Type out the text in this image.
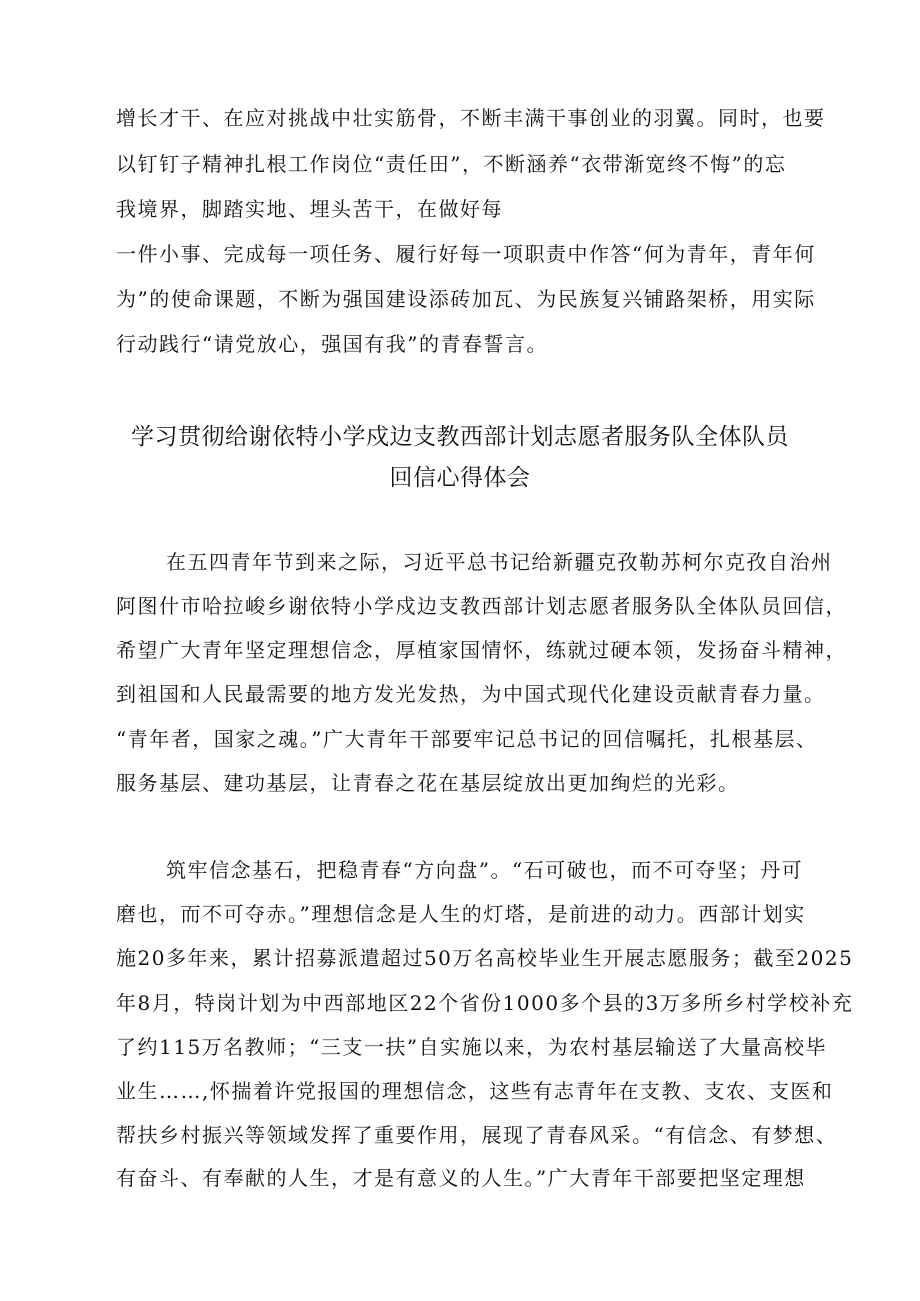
增长才干、在应对挑战中壮实筋骨，不断丰满干事创业的羽翼。同时，也要
以钉钉子精神扎根工作岗位“责任田”，不断涵养“衣带渐宽终不悔”的忘
我境界，脚踏实地、埋头苦干，在做好每
一件小事、完成每一项任务、履行好每一项职责中作答“何为青年，青年何
为”的使命课题，不断为强国建设添砖加瓦、为民族复兴铺路架桥，用实际
行动践行“请党放心，强国有我”的青春誓言。
学习贯彻给谢依特小学戍边支教西部计划志愿者服务队全体队员
回信心得体会
在五四青年节到来之际，习近平总书记给新疆克孜勒苏柯尔克孜自治州
阿图什市哈拉峻乡谢依特小学戍边支教西部计划志愿者服务队全体队员回信，
希望广大青年坚定理想信念，厚植家国情怀，练就过硬本领，发扬奋斗精神，
到祖国和人民最需要的地方发光发热，为中国式现代化建设贡献青春力量。
“青年者，国家之魂。”广大青年干部要牢记总书记的回信嘱托，扎根基层、
服务基层、建功基层，让青春之花在基层绽放出更加绚烂的光彩。
筑牢信念基石，把稳青春“方向盘”。“石可破也，而不可夺坚；丹可
磨也，而不可夺赤。”理想信念是人生的灯塔，是前进的动力。西部计划实
施20多年来，累计招募派遣超过50万名高校毕业生开展志愿服务；截至2025
年8月，特岗计划为中西部地区22个省份1000多个县的3万多所乡村学校补充
了约115万名教师；“三支一扶”自实施以来，为农村基层输送了大量高校毕
业生……,怀揣着许党报国的理想信念，这些有志青年在支教、支农、支医和
帮扶乡村振兴等领域发挥了重要作用，展现了青春风采。“有信念、有梦想、
有奋斗、有奉献的人生，才是有意义的人生。”广大青年干部要把坚定理想
